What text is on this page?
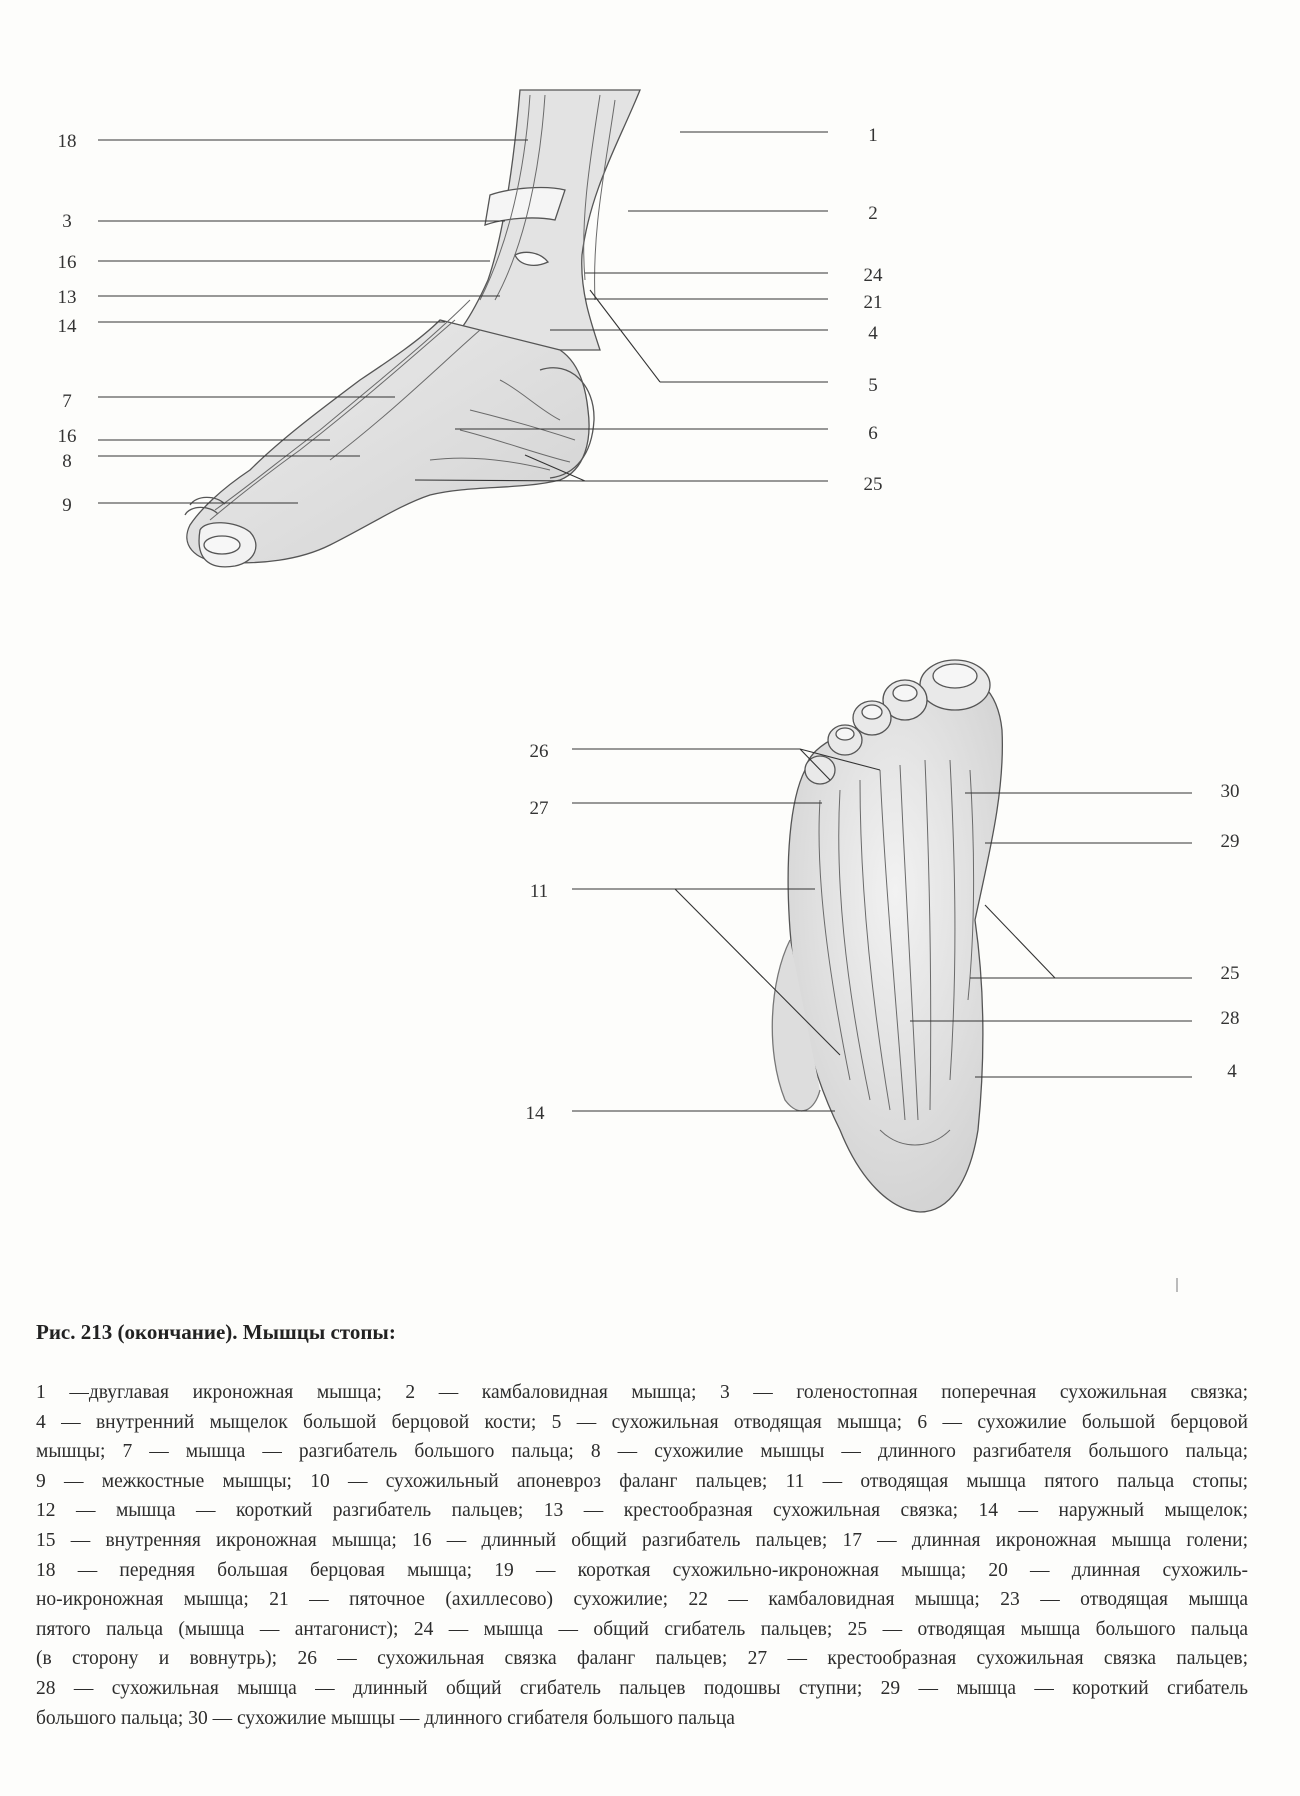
18
3
16
13
14
7
16
8
9
1
2
24
21
4
5
6
25
26
27
11
14
30
29
25
28
4
Рис. 213 (окончание). Мышцы стопы:
1 —двуглавая икроножная мышца; 2 — камбаловидная мышца; 3 — голеностопная поперечная сухожильная связка;
4 — внутренний мыщелок большой берцовой кости; 5 — сухожильная отводящая мышца; 6 — сухожилие большой берцовой
мышцы; 7 — мышца — разгибатель большого пальца; 8 — сухожилие мышцы — длинного разгибателя большого пальца;
9 — межкостные мышцы; 10 — сухожильный апоневроз фаланг пальцев; 11 — отводящая мышца пятого пальца стопы;
12 — мышца — короткий разгибатель пальцев; 13 — крестообразная сухожильная связка; 14 — наружный мыщелок;
15 — внутренняя икроножная мышца; 16 — длинный общий разгибатель пальцев; 17 — длинная икроножная мышца голени;
18 — передняя большая берцовая мышца; 19 — короткая сухожильно-икроножная мышца; 20 — длинная сухожиль-
но-икроножная мышца; 21 — пяточное (ахиллесово) сухожилие; 22 — камбаловидная мышца; 23 — отводящая мышца
пятого пальца (мышца — антагонист); 24 — мышца — общий сгибатель пальцев; 25 — отводящая мышца большого пальца
(в сторону и вовнутрь); 26 — сухожильная связка фаланг пальцев; 27 — крестообразная сухожильная связка пальцев;
28 — сухожильная мышца — длинный общий сгибатель пальцев подошвы ступни; 29 — мышца — короткий сгибатель
большого пальца; 30 — сухожилие мышцы — длинного сгибателя большого пальца
